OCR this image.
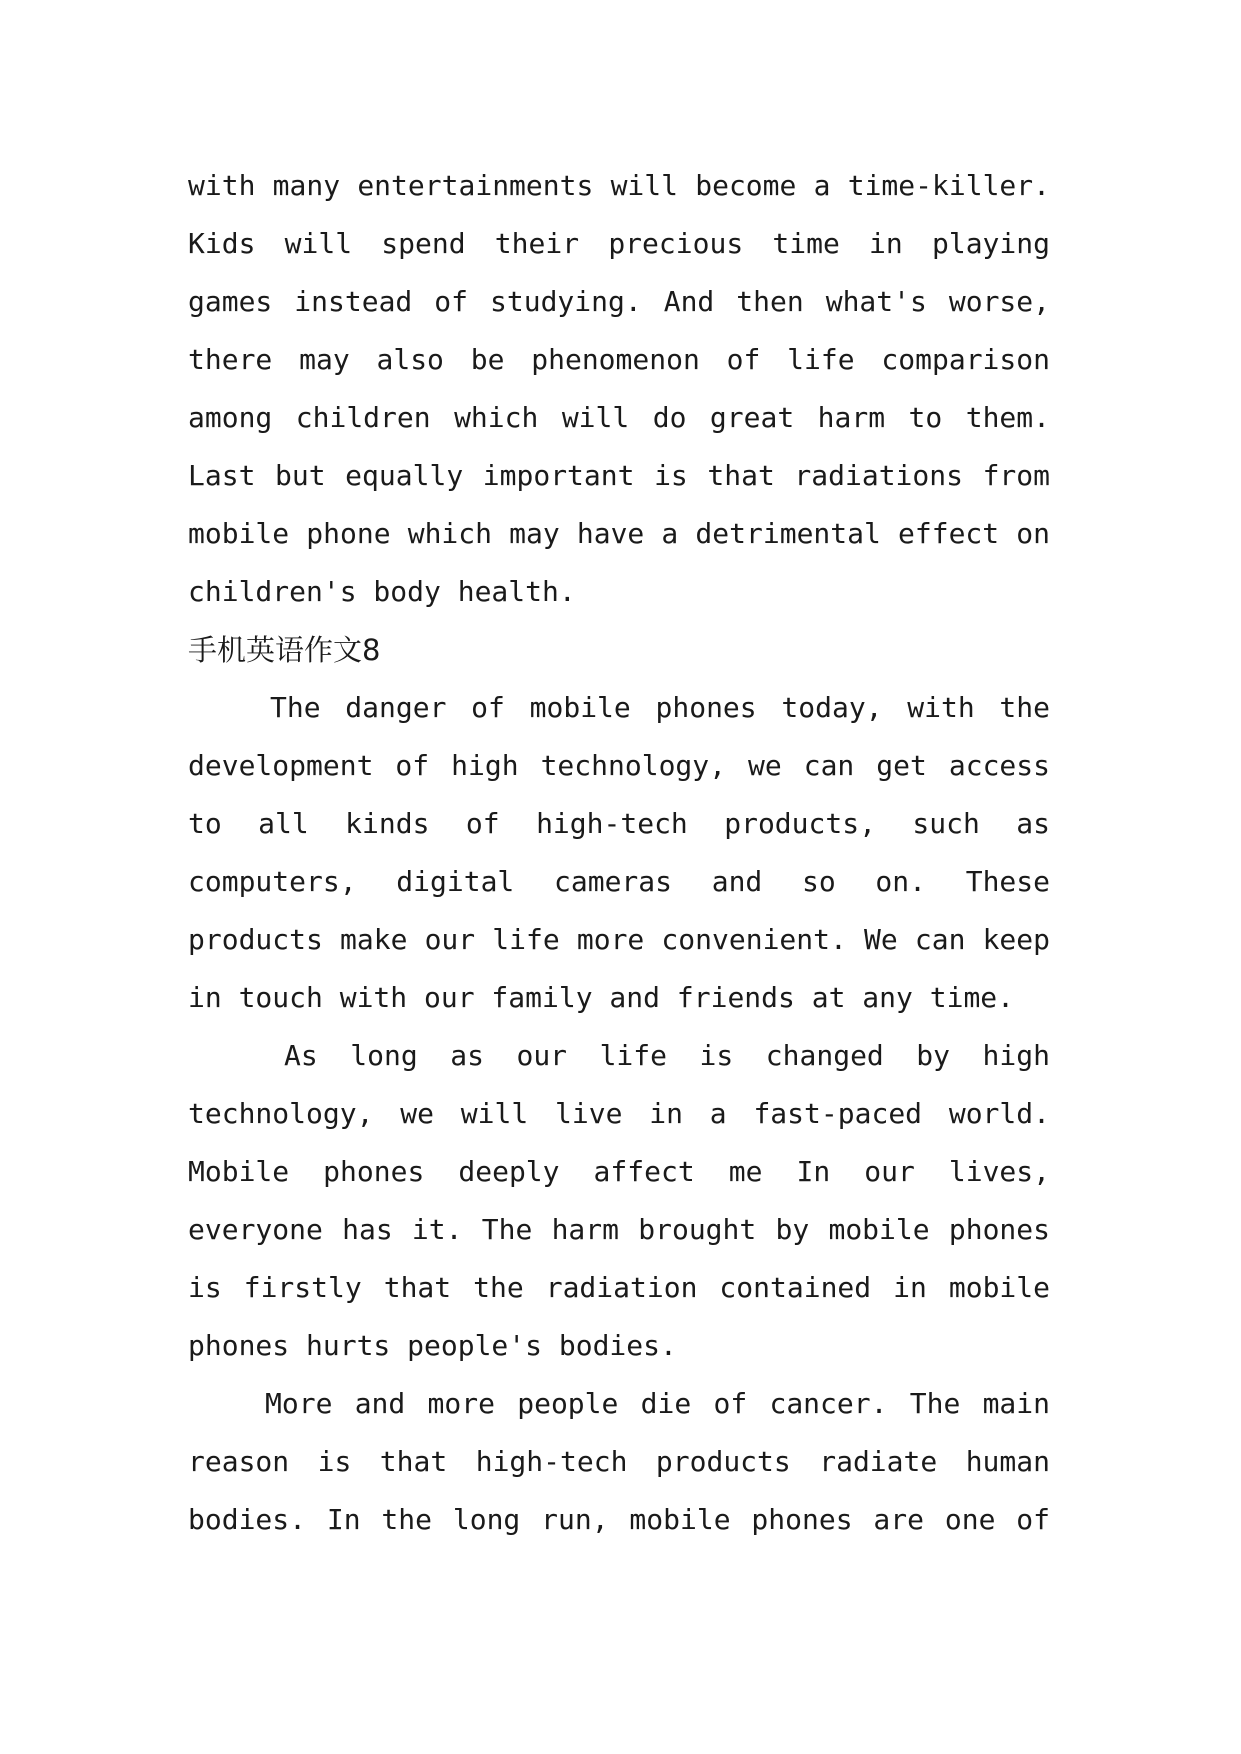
with many entertainments will become a time-killer.
Kids will spend their precious time in playing
games instead of studying. And then what's worse,
there may also be phenomenon of life comparison
among children which will do great harm to them.
Last but equally important is that radiations from
mobile phone which may have a detrimental effect on
children's body health.
手机英语作文8
The danger of mobile phones today, with the
development of high technology, we can get access
to all kinds of high-tech products, such as
computers, digital cameras and so on. These
products make our life more convenient. We can keep
in touch with our family and friends at any time.
As long as our life is changed by high
technology, we will live in a fast-paced world.
Mobile phones deeply affect me In our lives,
everyone has it. The harm brought by mobile phones
is firstly that the radiation contained in mobile
phones hurts people's bodies.
More and more people die of cancer. The main
reason is that high-tech products radiate human
bodies. In the long run, mobile phones are one of
